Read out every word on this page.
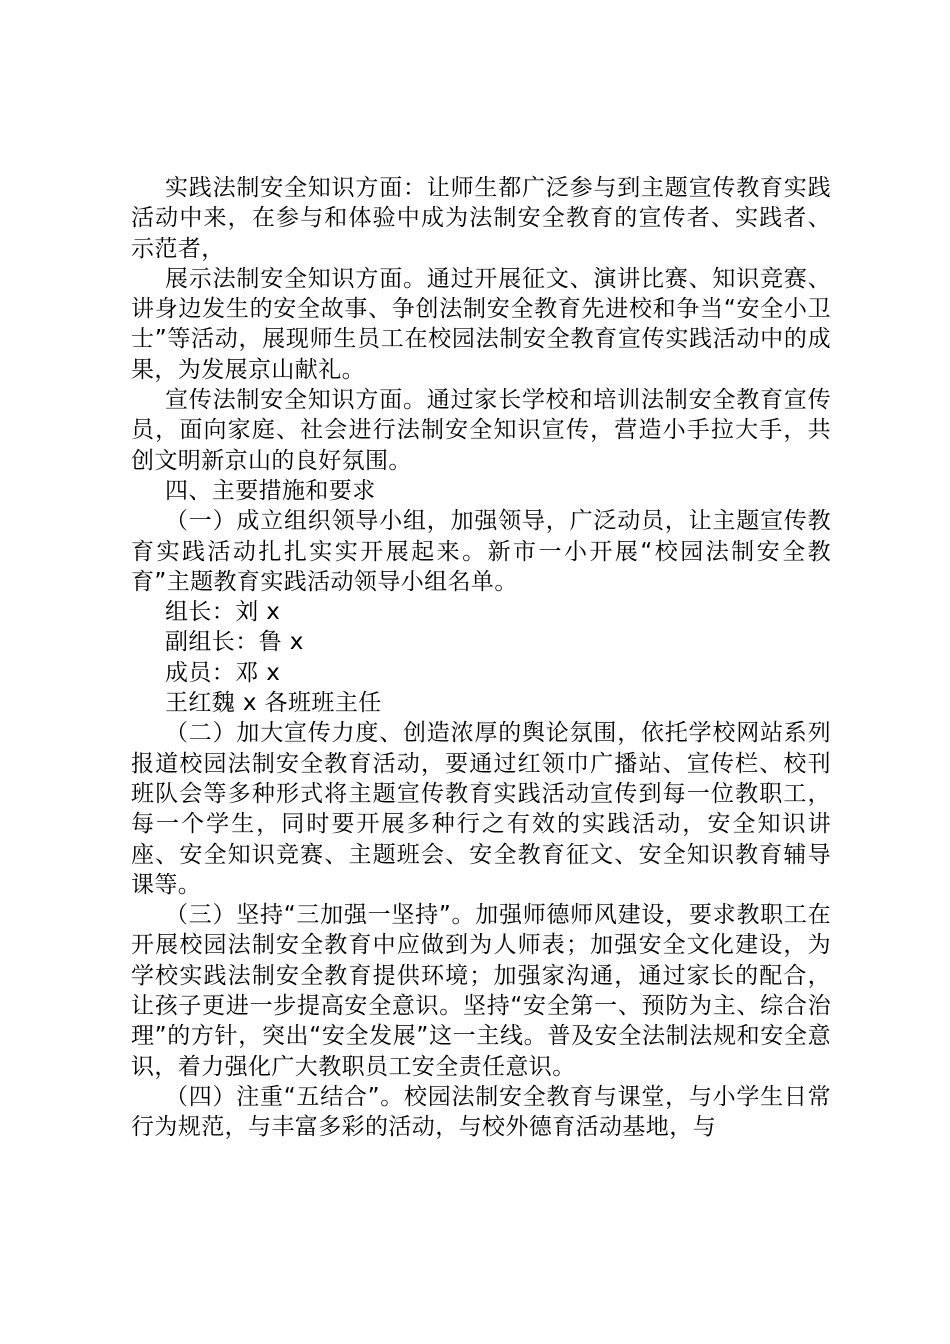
实践法制安全知识方面：让师生都广泛参与到主题宣传教育实践活动中来，在参与和体验中成为法制安全教育的宣传者、实践者、示范者，

展示法制安全知识方面。通过开展征文、演讲比赛、知识竞赛、讲身边发生的安全故事、争创法制安全教育先进校和争当“安全小卫士”等活动，展现师生员工在校园法制安全教育宣传实践活动中的成果，为发展京山献礼。

宣传法制安全知识方面。通过家长学校和培训法制安全教育宣传员，面向家庭、社会进行法制安全知识宣传，营造小手拉大手，共创文明新京山的良好氛围。

四、主要措施和要求

（一）成立组织领导小组，加强领导，广泛动员，让主题宣传教育实践活动扎扎实实开展起来。新市一小开展“校园法制安全教育”主题教育实践活动领导小组名单。

组长：刘 x

副组长：鲁 x

成员：邓 x

王红魏 x 各班班主任

（二）加大宣传力度、创造浓厚的舆论氛围，依托学校网站系列报道校园法制安全教育活动，要通过红领巾广播站、宣传栏、校刊班队会等多种形式将主题宣传教育实践活动宣传到每一位教职工，每一个学生，同时要开展多种行之有效的实践活动，安全知识讲座、安全知识竞赛、主题班会、安全教育征文、安全知识教育辅导课等。

（三）坚持“三加强一坚持”。加强师德师风建设，要求教职工在开展校园法制安全教育中应做到为人师表；加强安全文化建设，为学校实践法制安全教育提供环境；加强家沟通，通过家长的配合，让孩子更进一步提高安全意识。坚持“安全第一、预防为主、综合治理”的方针，突出“安全发展”这一主线。普及安全法制法规和安全意识，着力强化广大教职员工安全责任意识。

（四）注重“五结合”。校园法制安全教育与课堂，与小学生日常行为规范，与丰富多彩的活动，与校外德育活动基地，与
